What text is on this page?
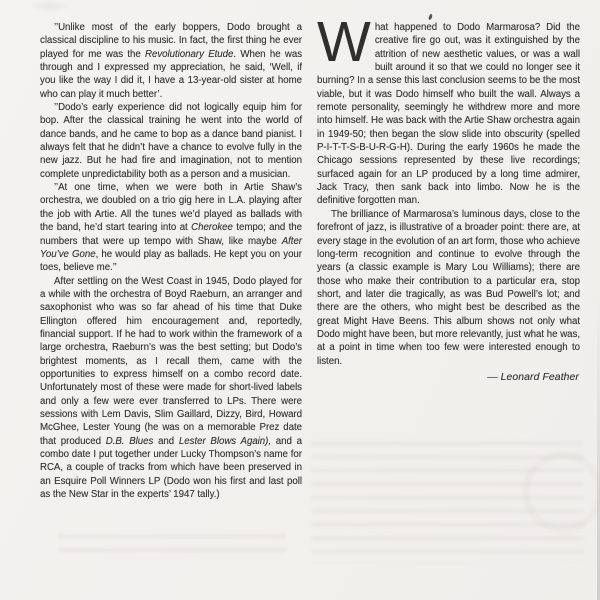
’’Unlike most of the early boppers, Dodo brought a classical discipline to his music. In fact, the first thing he ever played for me was the Revolutionary Etude. When he was through and I expressed my appreciation, he said, ‘Well, if you like the way I did it, I have a 13-year-old sister at home who can play it much better’.

’’Dodo’s early experience did not logically equip him for bop. After the classical training he went into the world of dance bands, and he came to bop as a dance band pianist. I always felt that he didn’t have a chance to evolve fully in the new jazz. But he had fire and imagination, not to mention complete unpredictability both as a person and a musician.

’’At one time, when we were both in Artie Shaw’s orchestra, we doubled on a trio gig here in L.A. playing after the job with Artie. All the tunes we’d played as ballads with the band, he’d start tearing into at Cherokee tempo; and the numbers that were up tempo with Shaw, like maybe After You’ve Gone, he would play as ballads. He kept you on your toes, believe me.’’

After settling on the West Coast in 1945, Dodo played for a while with the orchestra of Boyd Raeburn, an arranger and saxophonist who was so far ahead of his time that Duke Ellington offered him encouragement and, reportedly, financial support. If he had to work within the framework of a large orchestra, Raeburn’s was the best setting; but Dodo’s brightest moments, as I recall them, came with the opportunities to express himself on a combo record date. Unfortunately most of these were made for short-lived labels and only a few were ever transferred to LPs. There were sessions with Lem Davis, Slim Gaillard, Dizzy, Bird, Howard McGhee, Lester Young (he was on a memorable Prez date that produced D.B. Blues and Lester Blows Again), and a combo date I put together under Lucky Thompson’s name for RCA, a couple of tracks from which have been preserved in an Esquire Poll Winners LP (Dodo won his first and last poll as the New Star in the experts’ 1947 tally.)

What happened to Dodo Marmarosa? Did the creative fire go out, was it extinguished by the attrition of new aesthetic values, or was a wall built around it so that we could no longer see it burning? In a sense this last conclusion seems to be the most viable, but it was Dodo himself who built the wall. Always a remote personality, seemingly he withdrew more and more into himself. He was back with the Artie Shaw orchestra again in 1949-50; then began the slow slide into obscurity (spelled P-I-T-T-S-B-U-R-G-H). During the early 1960s he made the Chicago sessions represented by these live recordings; surfaced again for an LP produced by a long time admirer, Jack Tracy, then sank back into limbo. Now he is the definitive forgotten man.

The brilliance of Marmarosa’s luminous days, close to the forefront of jazz, is illustrative of a broader point: there are, at every stage in the evolution of an art form, those who achieve long-term recognition and continue to evolve through the years (a classic example is Mary Lou Williams); there are those who make their contribution to a particular era, stop short, and later die tragically, as was Bud Powell’s lot; and there are the others, who might best be described as the great Might Have Beens. This album shows not only what Dodo might have been, but more relevantly, just what he was, at a point in time when too few were interested enough to listen.

— Leonard Feather
